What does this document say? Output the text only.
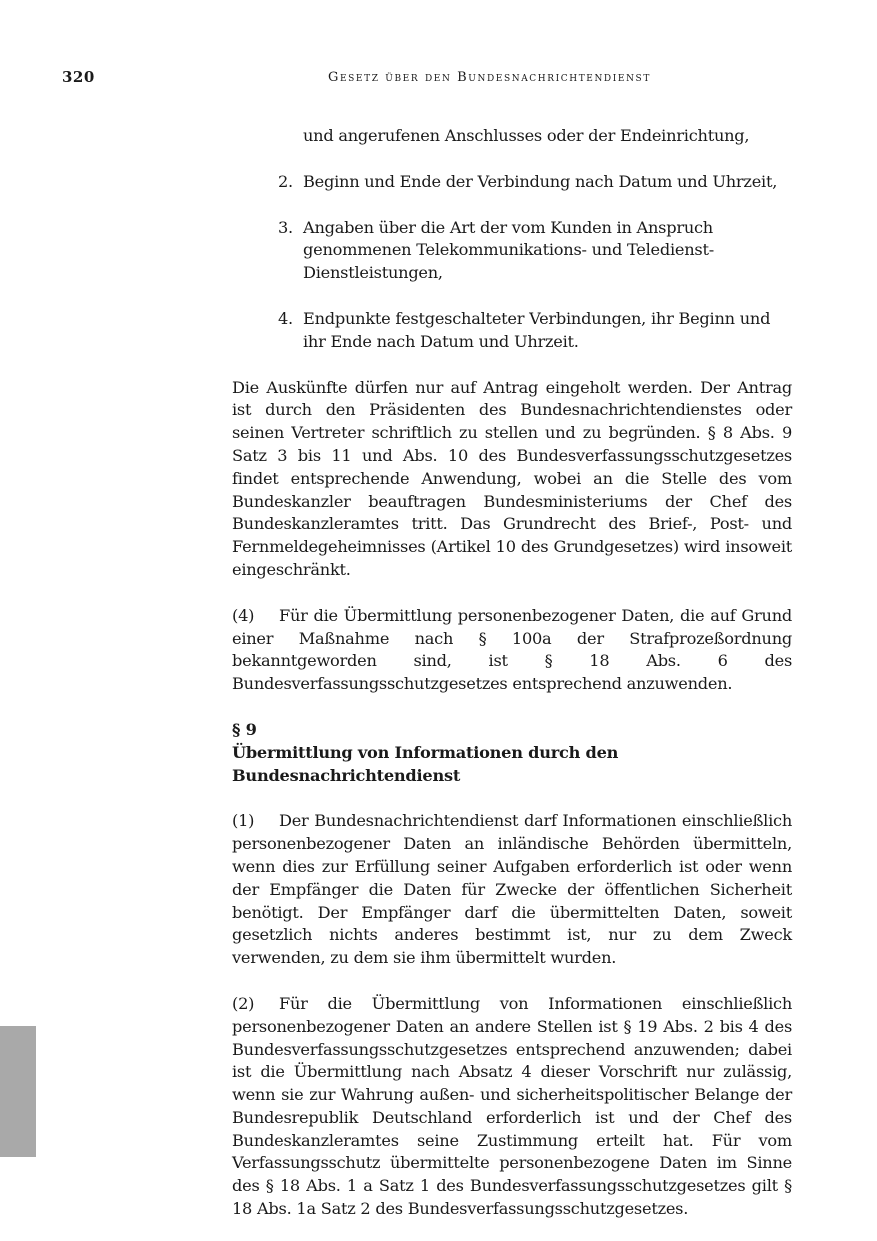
320	Gesetz über den Bundesnachrichtendienst
und angerufenen Anschlusses oder der Endeinrichtung,
2. Beginn und Ende der Verbindung nach Datum und Uhrzeit,
3. Angaben über die Art der vom Kunden in Anspruch genommenen Telekommunikations- und Teledienst-Dienstleistungen,
4. Endpunkte festgeschalteter Verbindungen, ihr Beginn und ihr Ende nach Datum und Uhrzeit.

Die Auskünfte dürfen nur auf Antrag eingeholt werden. Der Antrag ist durch den Präsidenten des Bundesnachrichtendienstes oder seinen Vertreter schriftlich zu stellen und zu begründen. § 8 Abs. 9 Satz 3 bis 11 und Abs. 10 des Bundesverfassungsschutzgesetzes findet entsprechende Anwendung, wobei an die Stelle des vom Bundeskanzler beauftragen Bundesministeriums der Chef des Bundeskanzleramtes tritt. Das Grundrecht des Brief-, Post- und Fernmeldegeheimnisses (Artikel 10 des Grundgesetzes) wird insoweit eingeschränkt.

(4) Für die Übermittlung personenbezogener Daten, die auf Grund einer Maßnahme nach § 100a der Strafprozeßordnung bekanntgeworden sind, ist § 18 Abs. 6 des Bundesverfassungsschutzgesetzes entsprechend anzuwenden.

§ 9
Übermittlung von Informationen durch den Bundesnachrichtendienst

(1) Der Bundesnachrichtendienst darf Informationen einschließlich personenbezogener Daten an inländische Behörden übermitteln, wenn dies zur Erfüllung seiner Aufgaben erforderlich ist oder wenn der Empfänger die Daten für Zwecke der öffentlichen Sicherheit benötigt. Der Empfänger darf die übermittelten Daten, soweit gesetzlich nichts anderes bestimmt ist, nur zu dem Zweck verwenden, zu dem sie ihm übermittelt wurden.

(2) Für die Übermittlung von Informationen einschließlich personenbezogener Daten an andere Stellen ist § 19 Abs. 2 bis 4 des Bundesverfassungsschutzgesetzes entsprechend anzuwenden; dabei ist die Übermittlung nach Absatz 4 dieser Vorschrift nur zulässig, wenn sie zur Wahrung außen- und sicherheitspolitischer Belange der Bundesrepublik Deutschland erforderlich ist und der Chef des Bundeskanzleramtes seine Zustimmung erteilt hat. Für vom Verfassungsschutz übermittelte personenbezogene Daten im Sinne des § 18 Abs. 1 a Satz 1 des Bundesverfassungsschutzgesetzes gilt § 18 Abs. 1a Satz 2 des Bundesverfassungsschutzgesetzes.
